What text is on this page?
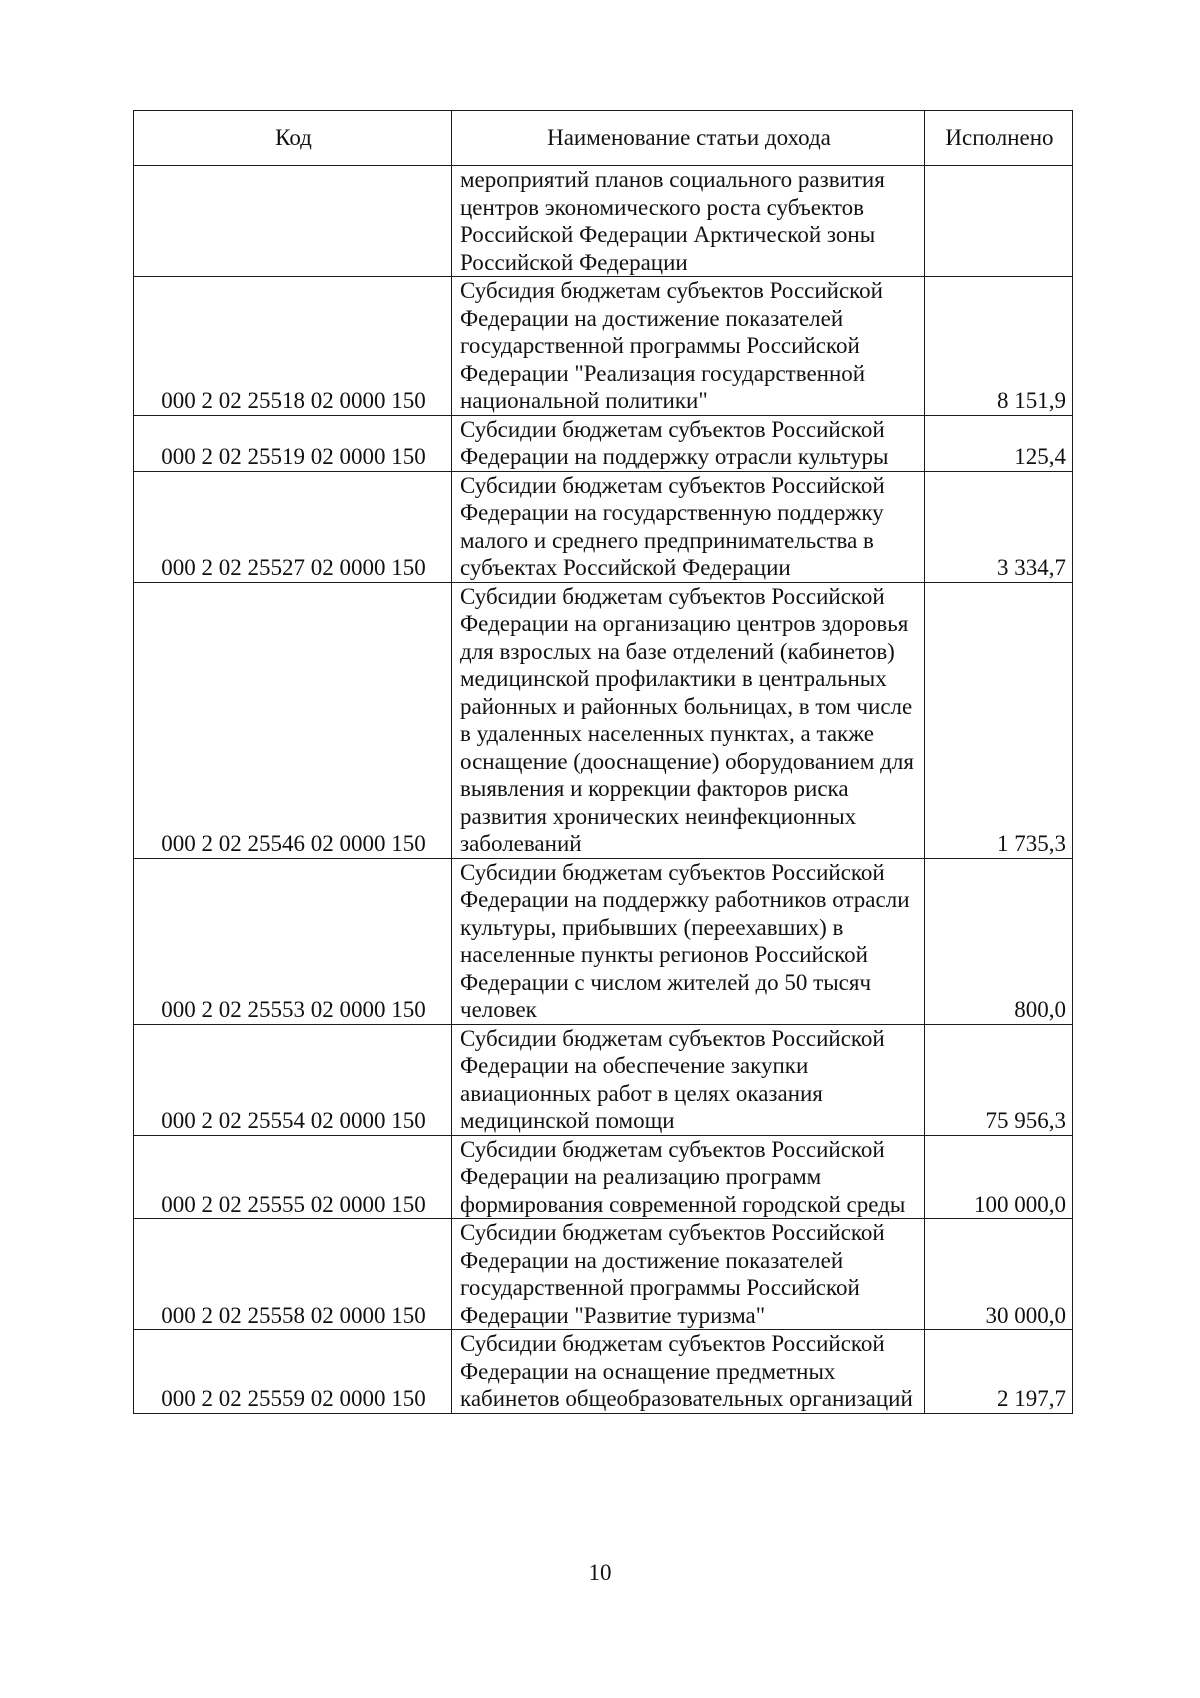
Код	Наименование статьи дохода	Исполнено
	мероприятий планов социального развития центров экономического роста субъектов Российской Федерации Арктической зоны Российской Федерации	
000 2 02 25518 02 0000 150	Субсидия бюджетам субъектов Российской Федерации на достижение показателей государственной программы Российской Федерации "Реализация государственной национальной политики"	8 151,9
000 2 02 25519 02 0000 150	Субсидии бюджетам субъектов Российской Федерации на поддержку отрасли культуры	125,4
000 2 02 25527 02 0000 150	Субсидии бюджетам субъектов Российской Федерации на государственную поддержку малого и среднего предпринимательства в субъектах Российской Федерации	3 334,7
000 2 02 25546 02 0000 150	Субсидии бюджетам субъектов Российской Федерации на организацию центров здоровья для взрослых на базе отделений (кабинетов) медицинской профилактики в центральных районных и районных больницах, в том числе в удаленных населенных пунктах, а также оснащение (дооснащение) оборудованием для выявления и коррекции факторов риска развития хронических неинфекционных заболеваний	1 735,3
000 2 02 25553 02 0000 150	Субсидии бюджетам субъектов Российской Федерации на поддержку работников отрасли культуры, прибывших (переехавших) в населенные пункты регионов Российской Федерации с числом жителей до 50 тысяч человек	800,0
000 2 02 25554 02 0000 150	Субсидии бюджетам субъектов Российской Федерации на обеспечение закупки авиационных работ в целях оказания медицинской помощи	75 956,3
000 2 02 25555 02 0000 150	Субсидии бюджетам субъектов Российской Федерации на реализацию программ формирования современной городской среды	100 000,0
000 2 02 25558 02 0000 150	Субсидии бюджетам субъектов Российской Федерации на достижение показателей государственной программы Российской Федерации "Развитие туризма"	30 000,0
000 2 02 25559 02 0000 150	Субсидии бюджетам субъектов Российской Федерации на оснащение предметных кабинетов общеобразовательных организаций	2 197,7
10
